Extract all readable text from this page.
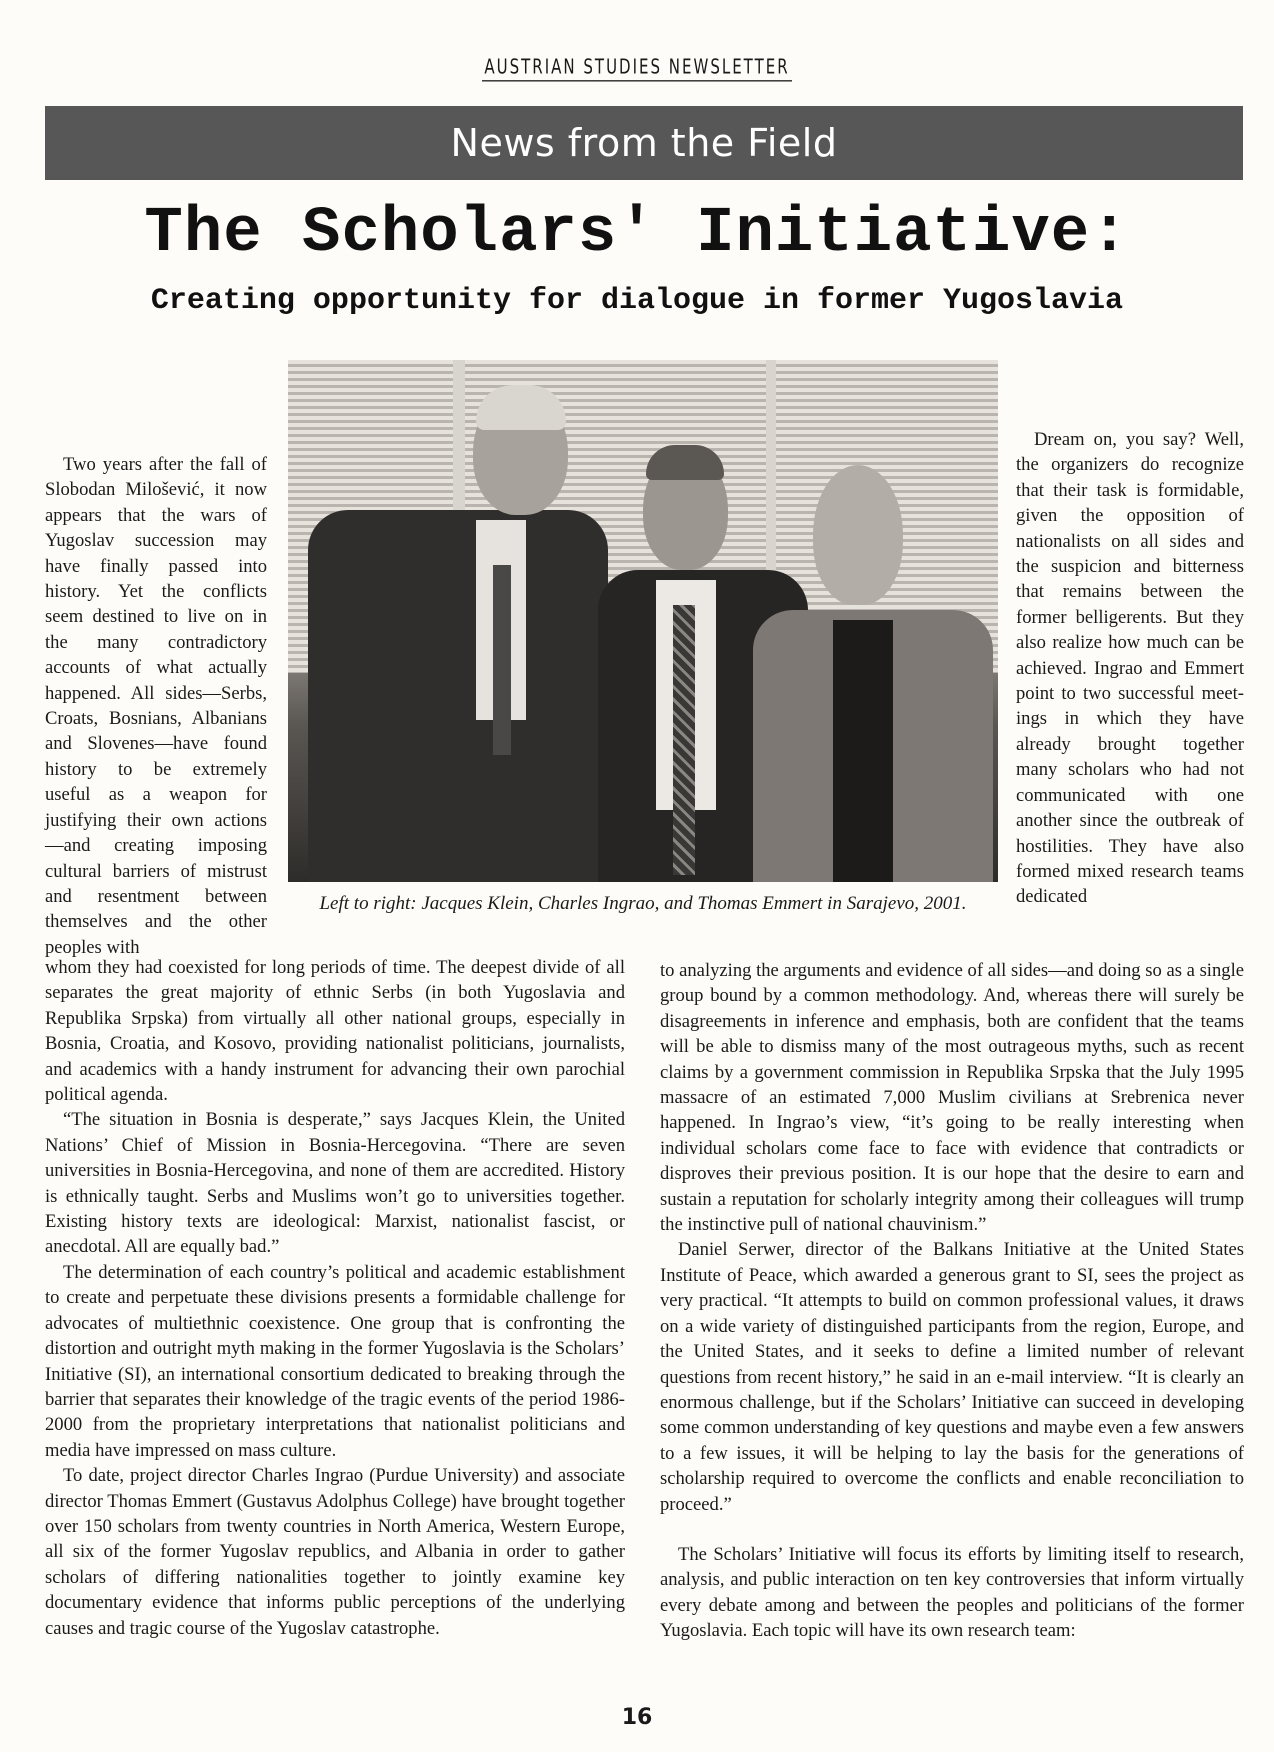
AUSTRIAN STUDIES NEWSLETTER
News from the Field
The Scholars' Initiative:
Creating opportunity for dialogue in former Yugoslavia
Left to right: Jacques Klein, Charles Ingrao, and Thomas Emmert in Sarajevo, 2001.

Two years after the fall of Slobodan Milošević, it now appears that the wars of Yugoslav succession may have finally passed into history. Yet the conflicts seem destined to live on in the many contradictory accounts of what actually happened. All sides—Serbs, Croats, Bosnians, Albanians and Slovenes—have found history to be extremely useful as a weapon for justifying their own actions—and creating imposing cultural barriers of mistrust and resentment between themselves and the other peoples with

Dream on, you say? Well, the organizers do recognize that their task is formidable, given the opposition of nationalists on all sides and the suspicion and bitterness that remains between the former belligerents. But they also realize how much can be achieved. Ingrao and Emmert point to two successful meetings in which they have already brought together many scholars who had not communicated with one another since the outbreak of hostilities. They have also formed mixed research teams dedicated

whom they had coexisted for long periods of time. The deepest divide of all separates the great majority of ethnic Serbs (in both Yugoslavia and Republika Srpska) from virtually all other national groups, especially in Bosnia, Croatia, and Kosovo, providing nationalist politicians, journalists, and academics with a handy instrument for advancing their own parochial political agenda.

“The situation in Bosnia is desperate,” says Jacques Klein, the United Nations’ Chief of Mission in Bosnia-Hercegovina. “There are seven universities in Bosnia-Hercegovina, and none of them are accredited. History is ethnically taught. Serbs and Muslims won’t go to universities together. Existing history texts are ideological: Marxist, nationalist fascist, or anecdotal. All are equally bad.”

The determination of each country’s political and academic establishment to create and perpetuate these divisions presents a formidable challenge for advocates of multiethnic coexistence. One group that is confronting the distortion and outright myth making in the former Yugoslavia is the Scholars’ Initiative (SI), an international consortium dedicated to breaking through the barrier that separates their knowledge of the tragic events of the period 1986-2000 from the proprietary interpretations that nationalist politicians and media have impressed on mass culture.

To date, project director Charles Ingrao (Purdue University) and associate director Thomas Emmert (Gustavus Adolphus College) have brought together over 150 scholars from twenty countries in North America, Western Europe, all six of the former Yugoslav republics, and Albania in order to gather scholars of differing nationalities together to jointly examine key documentary evidence that informs public perceptions of the underlying causes and tragic course of the Yugoslav catastrophe.

to analyzing the arguments and evidence of all sides—and doing so as a single group bound by a common methodology. And, whereas there will surely be disagreements in inference and emphasis, both are confident that the teams will be able to dismiss many of the most outrageous myths, such as recent claims by a government commission in Republika Srpska that the July 1995 massacre of an estimated 7,000 Muslim civilians at Srebrenica never happened. In Ingrao’s view, “it’s going to be really interesting when individual scholars come face to face with evidence that contradicts or disproves their previous position. It is our hope that the desire to earn and sustain a reputation for scholarly integrity among their colleagues will trump the instinctive pull of national chauvinism.”

Daniel Serwer, director of the Balkans Initiative at the United States Institute of Peace, which awarded a generous grant to SI, sees the project as very practical. “It attempts to build on common professional values, it draws on a wide variety of distinguished participants from the region, Europe, and the United States, and it seeks to define a limited number of relevant questions from recent history,” he said in an e-mail interview. “It is clearly an enormous challenge, but if the Scholars’ Initiative can succeed in developing some common understanding of key questions and maybe even a few answers to a few issues, it will be helping to lay the basis for the generations of scholarship required to overcome the conflicts and enable reconciliation to proceed.”

The Scholars’ Initiative will focus its efforts by limiting itself to research, analysis, and public interaction on ten key controversies that inform virtually every debate among and between the peoples and politicians of the former Yugoslavia. Each topic will have its own research team:

16
